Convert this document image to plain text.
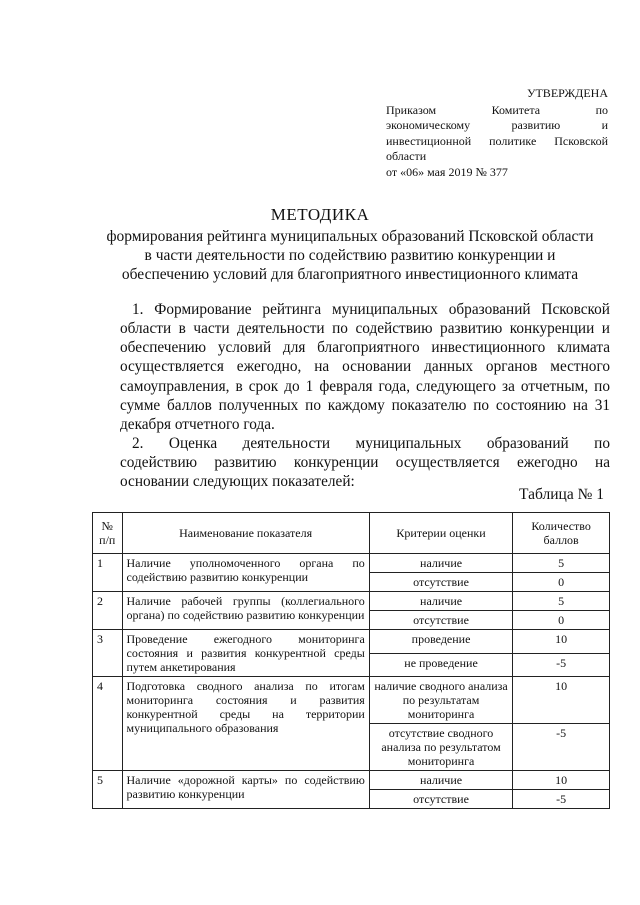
УТВЕРЖДЕНА
Приказом Комитета по
экономическому развитию и
инвестиционной политике Псковской
области
от «06» мая 2019 № 377
МЕТОДИКА
формирования рейтинга муниципальных образований Псковской области
в части деятельности по содействию развитию конкуренции и
обеспечению условий для благоприятного инвестиционного климата
1. Формирование рейтинга муниципальных образований Псковской
области в части деятельности по содействию развитию конкуренции и
обеспечению условий для благоприятного инвестиционного климата
осуществляется ежегодно, на основании данных органов местного
самоуправления, в срок до 1 февраля года, следующего за отчетным, по
сумме баллов полученных по каждому показателю по состоянию на 31
декабря отчетного года.
2. Оценка деятельности муниципальных образований по
содействию развитию конкуренции осуществляется ежегодно на
основании следующих показателей:
Таблица № 1
№ п/п	Наименование показателя	Критерии оценки	Количество баллов
1	Наличие уполномоченного органа по содействию развитию конкуренции	наличие	5
		отсутствие	0
2	Наличие рабочей группы (коллегиального органа) по содействию развитию конкуренции	наличие	5
		отсутствие	0
3	Проведение ежегодного мониторинга состояния и развития конкурентной среды путем анкетирования	проведение	10
		не проведение	-5
4	Подготовка сводного анализа по итогам мониторинга состояния и развития конкурентной среды на территории муниципального образования	наличие сводного анализа по результатам мониторинга	10
		отсутствие сводного анализа по результатом мониторинга	-5
5	Наличие «дорожной карты» по содействию развитию конкуренции	наличие	10
		отсутствие	-5
